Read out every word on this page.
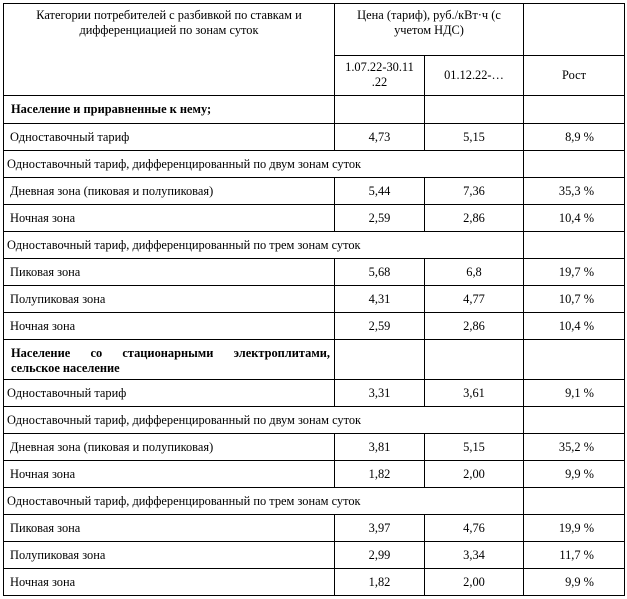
Категории потребителей с разбивкой по ставкам и дифференциацией по зонам суток	Цена (тариф), руб./кВт·ч (с учетом НДС)		
	1.07.22-30.11 .22	01.12.22-…	Рост
Население и приравненные к нему;			
Одноставочный тариф	4,73	5,15	8,9 %
Одноставочный тариф, дифференцированный по двум зонам суток			
Дневная зона (пиковая и полупиковая)	5,44	7,36	35,3 %
Ночная зона	2,59	2,86	10,4 %
Одноставочный тариф, дифференцированный по трем зонам суток			
Пиковая зона	5,68	6,8	19,7 %
Полупиковая зона	4,31	4,77	10,7 %
Ночная зона	2,59	2,86	10,4 %
Население со стационарными электроплитами, сельское население			
Одноставочный тариф	3,31	3,61	9,1 %
Одноставочный тариф, дифференцированный по двум зонам суток			
Дневная зона (пиковая и полупиковая)	3,81	5,15	35,2 %
Ночная зона	1,82	2,00	9,9 %
Одноставочный тариф, дифференцированный по трем зонам суток			
Пиковая зона	3,97	4,76	19,9 %
Полупиковая зона	2,99	3,34	11,7 %
Ночная зона	1,82	2,00	9,9 %
